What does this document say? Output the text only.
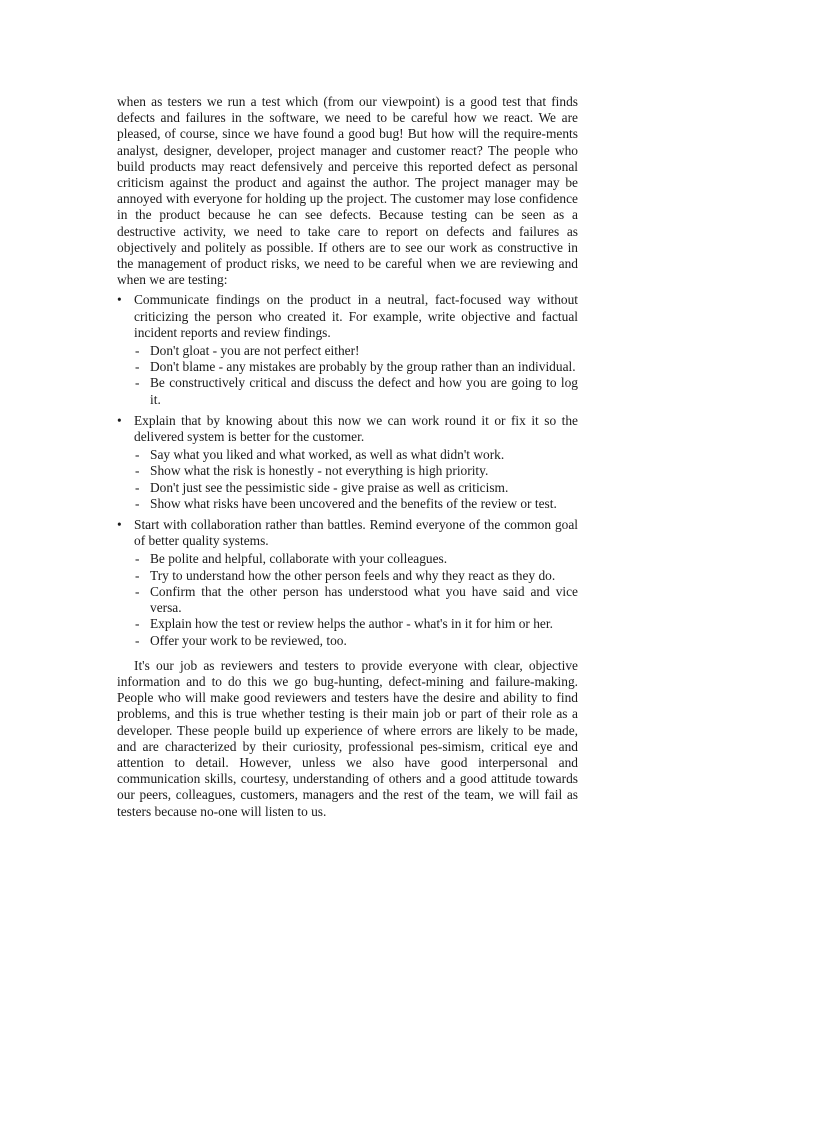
when as testers we run a test which (from our viewpoint) is a good test that finds defects and failures in the software, we need to be careful how we react. We are pleased, of course, since we have found a good bug! But how will the require-ments analyst, designer, developer, project manager and customer react? The people who build products may react defensively and perceive this reported defect as personal criticism against the product and against the author. The project manager may be annoyed with everyone for holding up the project. The customer may lose confidence in the product because he can see defects. Because testing can be seen as a destructive activity, we need to take care to report on defects and failures as objectively and politely as possible. If others are to see our work as constructive in the management of product risks, we need to be careful when we are reviewing and when we are testing:

• Communicate findings on the product in a neutral, fact-focused way without criticizing the person who created it. For example, write objective and factual incident reports and review findings.
- Don't gloat - you are not perfect either!
- Don't blame - any mistakes are probably by the group rather than an individual.
- Be constructively critical and discuss the defect and how you are going to log it.
• Explain that by knowing about this now we can work round it or fix it so the delivered system is better for the customer.
- Say what you liked and what worked, as well as what didn't work.
- Show what the risk is honestly - not everything is high priority.
- Don't just see the pessimistic side - give praise as well as criticism.
- Show what risks have been uncovered and the benefits of the review or test.
• Start with collaboration rather than battles. Remind everyone of the common goal of better quality systems.
- Be polite and helpful, collaborate with your colleagues.
- Try to understand how the other person feels and why they react as they do.
- Confirm that the other person has understood what you have said and vice versa.
- Explain how the test or review helps the author - what's in it for him or her.
- Offer your work to be reviewed, too.

It's our job as reviewers and testers to provide everyone with clear, objective information and to do this we go bug-hunting, defect-mining and failure-making. People who will make good reviewers and testers have the desire and ability to find problems, and this is true whether testing is their main job or part of their role as a developer. These people build up experience of where errors are likely to be made, and are characterized by their curiosity, professional pes-simism, critical eye and attention to detail. However, unless we also have good interpersonal and communication skills, courtesy, understanding of others and a good attitude towards our peers, colleagues, customers, managers and the rest of the team, we will fail as testers because no-one will listen to us.
